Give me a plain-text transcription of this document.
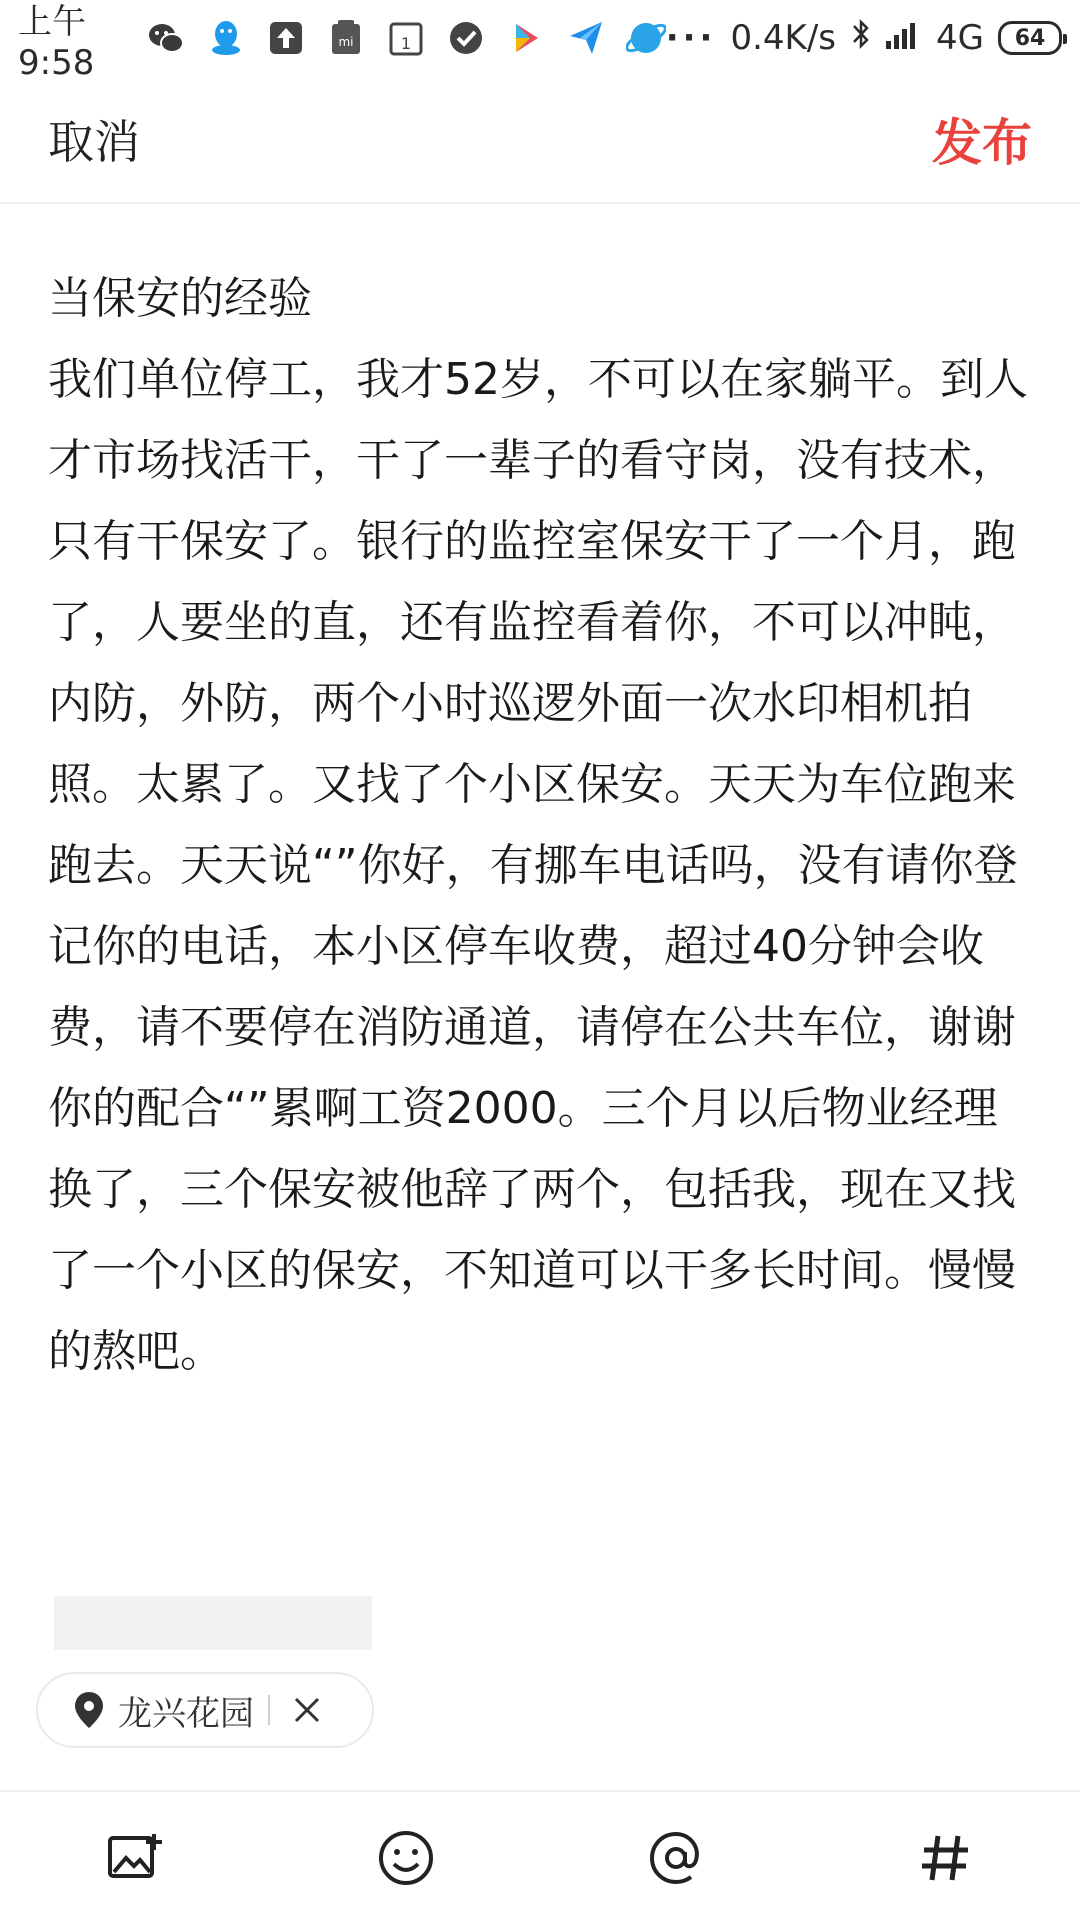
上午9:58
mi	1	··· 0.4K/s	4G 64
取消	发布

当保安的经验

我们单位停工，我才52岁，不可以在家躺平。到人才市场找活干，干了一辈子的看守岗，没有技术，只有干保安了。银行的监控室保安干了一个月，跑了，人要坐的直，还有监控看着你，不可以冲盹，内防，外防，两个小时巡逻外面一次水印相机拍照。太累了。又找了个小区保安。天天为车位跑来跑去。天天说“”你好，有挪车电话吗，没有请你登记你的电话，本小区停车收费，超过40分钟会收费，请不要停在消防通道，请停在公共车位，谢谢你的配合“”累啊工资2000。三个月以后物业经理换了，三个保安被他辞了两个，包括我，现在又找了一个小区的保安，不知道可以干多长时间。慢慢的熬吧。

龙兴花园
